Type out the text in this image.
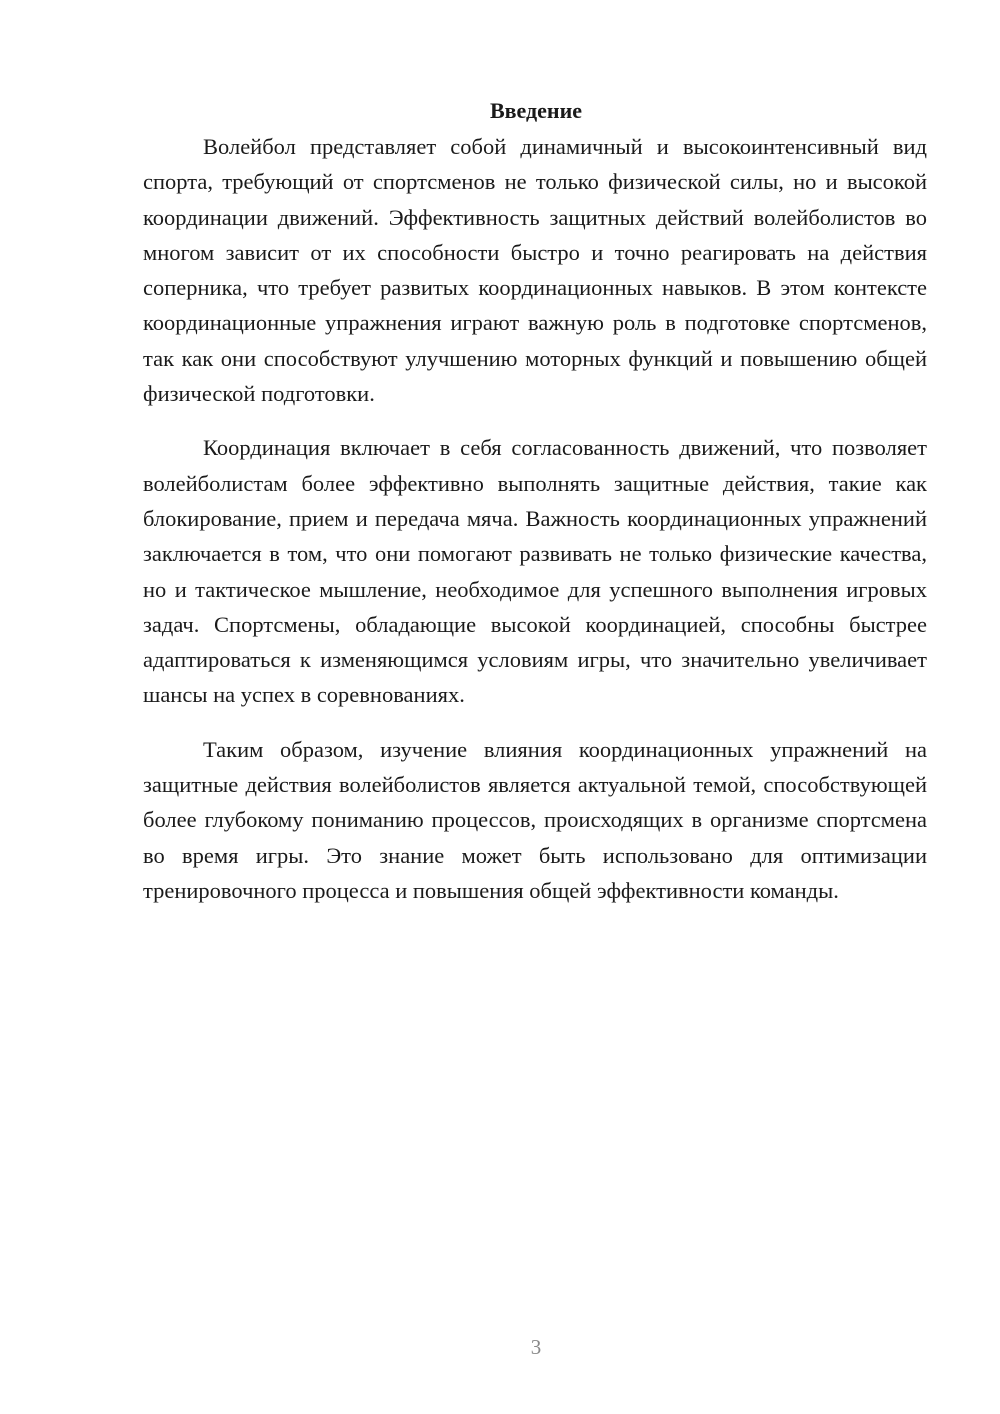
Введение

Волейбол представляет собой динамичный и высокоинтенсивный вид спорта, требующий от спортсменов не только физической силы, но и высокой координации движений. Эффективность защитных действий волейболистов во многом зависит от их способности быстро и точно реагировать на действия соперника, что требует развитых координационных навыков. В этом контексте координационные упражнения играют важную роль в подготовке спортсменов, так как они способствуют улучшению моторных функций и повышению общей физической подготовки.

Координация включает в себя согласованность движений, что позволяет волейболистам более эффективно выполнять защитные действия, такие как блокирование, прием и передача мяча. Важность координационных упражнений заключается в том, что они помогают развивать не только физические качества, но и тактическое мышление, необходимое для успешного выполнения игровых задач. Спортсмены, обладающие высокой координацией, способны быстрее адаптироваться к изменяющимся условиям игры, что значительно увеличивает шансы на успех в соревнованиях.

Таким образом, изучение влияния координационных упражнений на защитные действия волейболистов является актуальной темой, способствующей более глубокому пониманию процессов, происходящих в организме спортсмена во время игры. Это знание может быть использовано для оптимизации тренировочного процесса и повышения общей эффективности команды.

3
